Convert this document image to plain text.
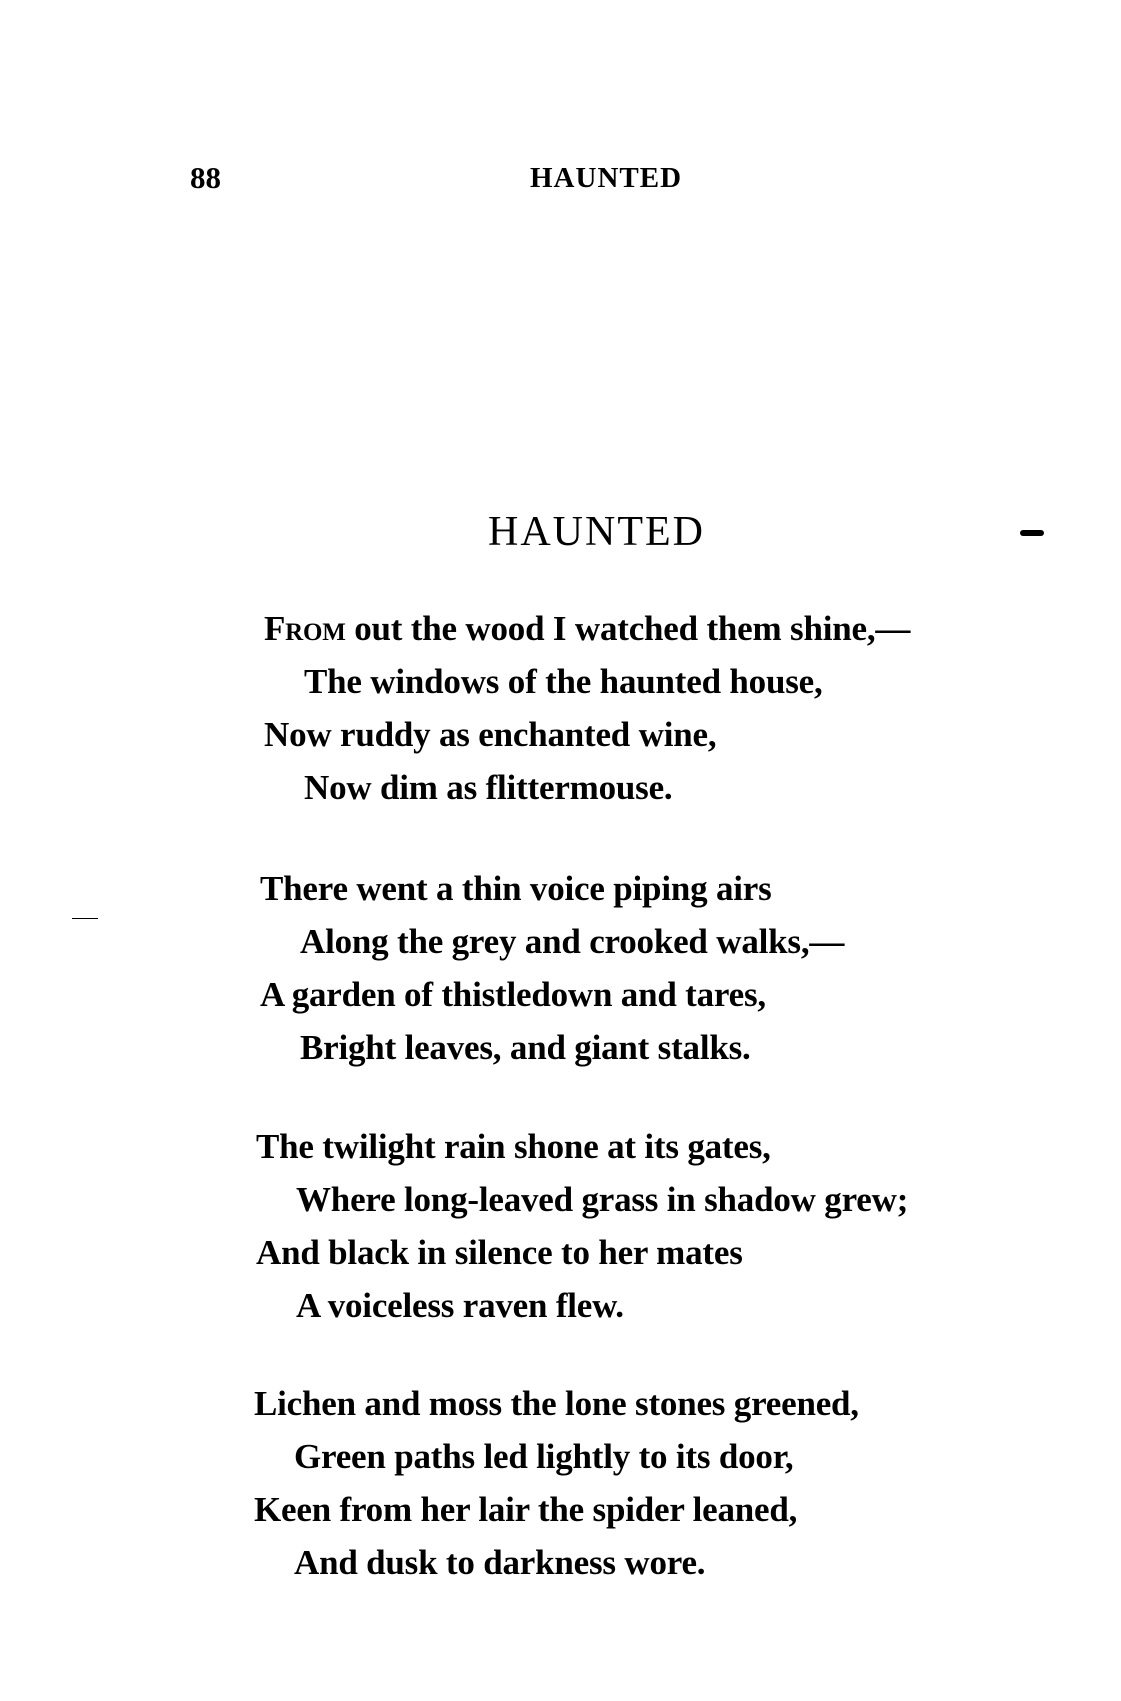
88	HAUNTED
HAUNTED
From out the wood I watched them shine,—
The windows of the haunted house,
Now ruddy as enchanted wine,
Now dim as flittermouse.
There went a thin voice piping airs
Along the grey and crooked walks,—
A garden of thistledown and tares,
Bright leaves, and giant stalks.
The twilight rain shone at its gates,
Where long-leaved grass in shadow grew;
And black in silence to her mates
A voiceless raven flew.
Lichen and moss the lone stones greened,
Green paths led lightly to its door,
Keen from her lair the spider leaned,
And dusk to darkness wore.
